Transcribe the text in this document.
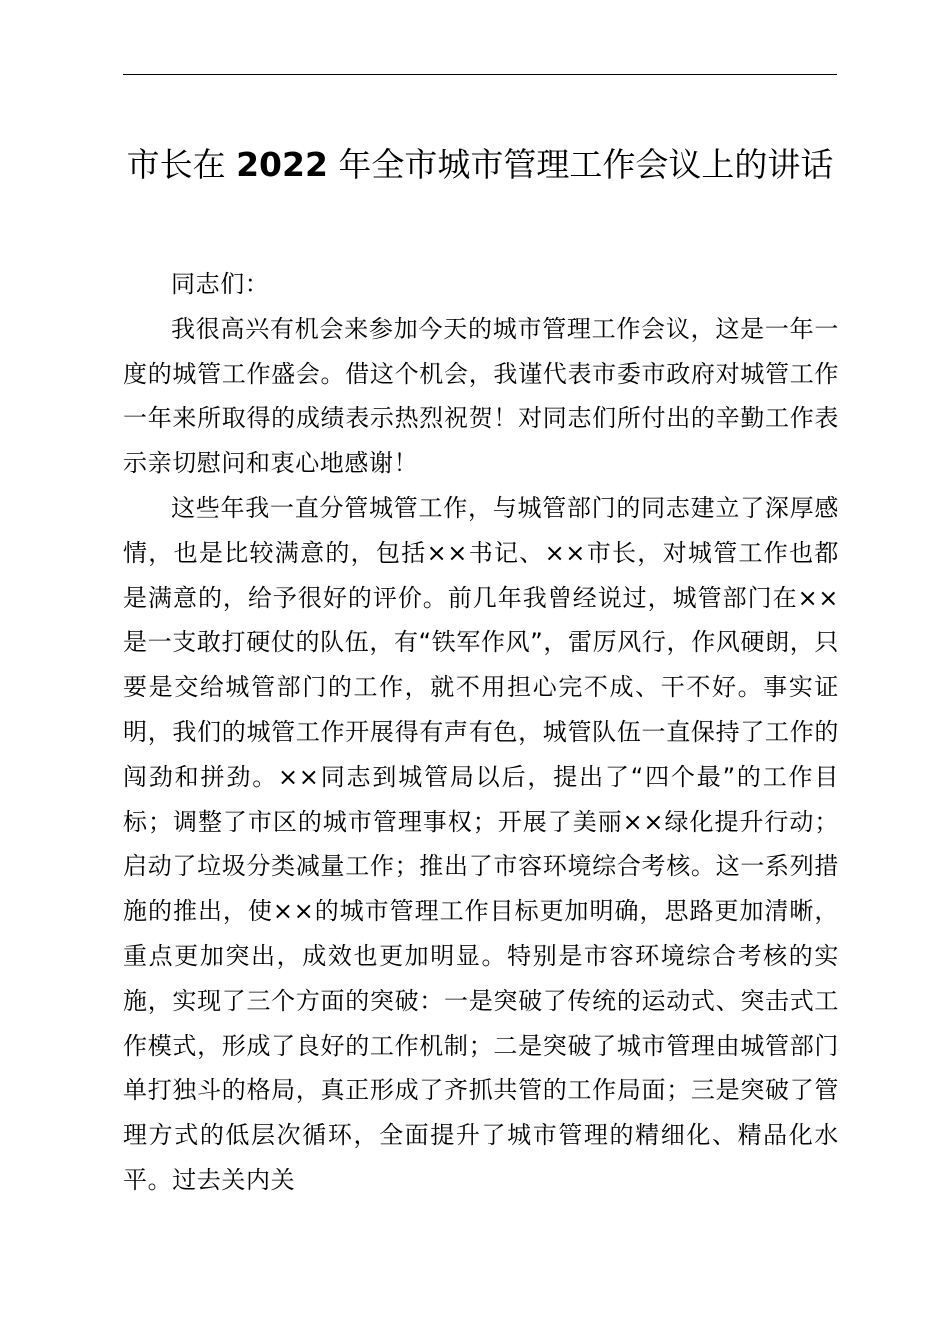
市长在 2022 年全市城市管理工作会议上的讲话

同志们：

我很高兴有机会来参加今天的城市管理工作会议，这是一年一度的城管工作盛会。借这个机会，我谨代表市委市政府对城管工作一年来所取得的成绩表示热烈祝贺！对同志们所付出的辛勤工作表示亲切慰问和衷心地感谢！

这些年我一直分管城管工作，与城管部门的同志建立了深厚感情，也是比较满意的，包括××书记、××市长，对城管工作也都是满意的，给予很好的评价。前几年我曾经说过，城管部门在××是一支敢打硬仗的队伍，有“铁军作风”，雷厉风行，作风硬朗，只要是交给城管部门的工作，就不用担心完不成、干不好。事实证明，我们的城管工作开展得有声有色，城管队伍一直保持了工作的闯劲和拼劲。××同志到城管局以后，提出了“四个最”的工作目标；调整了市区的城市管理事权；开展了美丽××绿化提升行动；启动了垃圾分类减量工作；推出了市容环境综合考核。这一系列措施的推出，使××的城市管理工作目标更加明确，思路更加清晰，重点更加突出，成效也更加明显。特别是市容环境综合考核的实施，实现了三个方面的突破：一是突破了传统的运动式、突击式工作模式，形成了良好的工作机制；二是突破了城市管理由城管部门单打独斗的格局，真正形成了齐抓共管的工作局面；三是突破了管理方式的低层次循环，全面提升了城市管理的精细化、精品化水平。过去关内关
